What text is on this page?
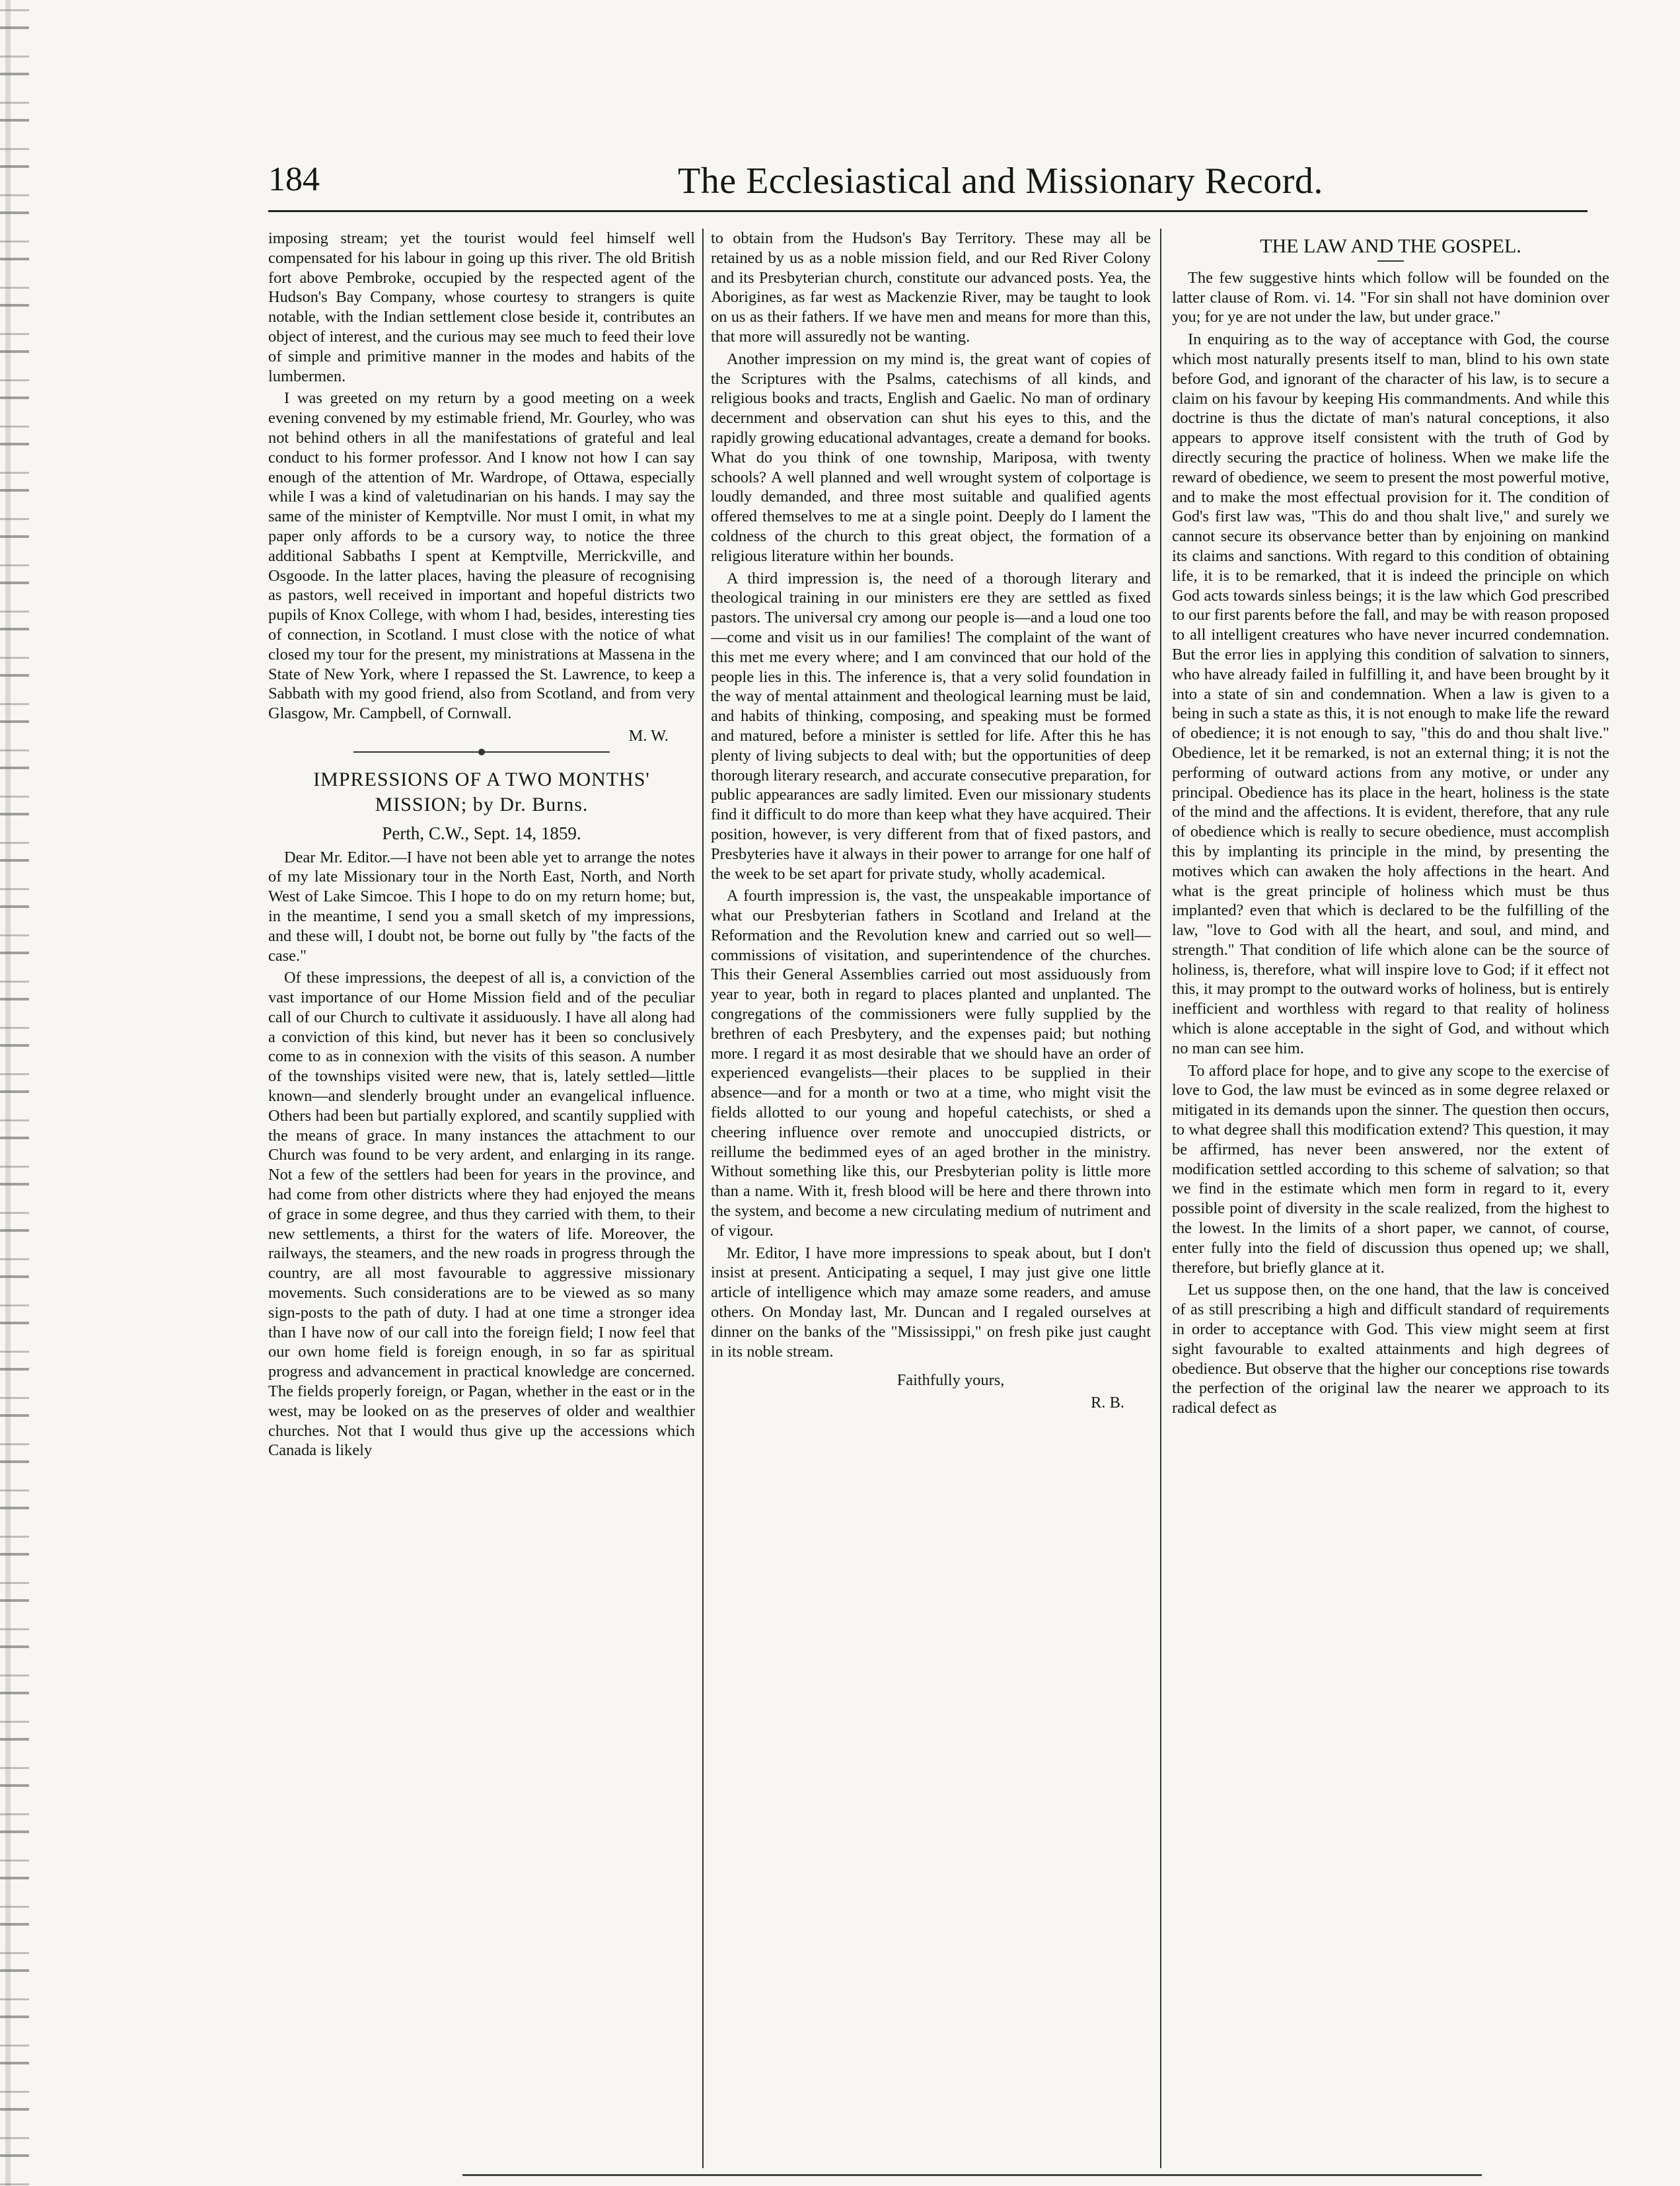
184	The Ecclesiastical and Missionary Record.

imposing stream; yet the tourist would feel himself well compensated for his labour in going up this river. The old British fort above Pembroke, occupied by the respected agent of the Hudson's Bay Company, whose courtesy to strangers is quite notable, with the Indian settlement close beside it, contributes an object of interest, and the curious may see much to feed their love of simple and primitive manner in the modes and habits of the lumbermen.

I was greeted on my return by a good meeting on a week evening convened by my estimable friend, Mr. Gourley, who was not behind others in all the manifestations of grateful and leal conduct to his former professor. And I know not how I can say enough of the attention of Mr. Wardrope, of Ottawa, especially while I was a kind of valetudinarian on his hands. I may say the same of the minister of Kemptville. Nor must I omit, in what my paper only affords to be a cursory way, to notice the three additional Sabbaths I spent at Kemptville, Merrickville, and Osgoode. In the latter places, having the pleasure of recognising as pastors, well received in important and hopeful districts two pupils of Knox College, with whom I had, besides, interesting ties of connection, in Scotland. I must close with the notice of what closed my tour for the present, my ministrations at Massena in the State of New York, where I repassed the St. Lawrence, to keep a Sabbath with my good friend, also from Scotland, and from very Glasgow, Mr. Campbell, of Cornwall.

M. W.
IMPRESSIONS OF A TWO MONTHS' MISSION; by Dr. Burns.
Perth, C.W., Sept. 14, 1859.

Dear Mr. Editor.—I have not been able yet to arrange the notes of my late Missionary tour in the North East, North, and North West of Lake Simcoe. This I hope to do on my return home; but, in the meantime, I send you a small sketch of my impressions, and these will, I doubt not, be borne out fully by "the facts of the case."

Of these impressions, the deepest of all is, a conviction of the vast importance of our Home Mission field and of the peculiar call of our Church to cultivate it assiduously. I have all along had a conviction of this kind, but never has it been so conclusively come to as in connexion with the visits of this season. A number of the townships visited were new, that is, lately settled—little known—and slenderly brought under an evangelical influence. Others had been but partially explored, and scantily supplied with the means of grace. In many instances the attachment to our Church was found to be very ardent, and enlarging in its range. Not a few of the settlers had been for years in the province, and had come from other districts where they had enjoyed the means of grace in some degree, and thus they carried with them, to their new settlements, a thirst for the waters of life. Moreover, the railways, the steamers, and the new roads in progress through the country, are all most favourable to aggressive missionary movements. Such considerations are to be viewed as so many sign-posts to the path of duty. I had at one time a stronger idea than I have now of our call into the foreign field; I now feel that our own home field is foreign enough, in so far as spiritual progress and advancement in practical knowledge are concerned. The fields properly foreign, or Pagan, whether in the east or in the west, may be looked on as the preserves of older and wealthier churches. Not that I would thus give up the accessions which Canada is likely

to obtain from the Hudson's Bay Territory. These may all be retained by us as a noble mission field, and our Red River Colony and its Presbyterian church, constitute our advanced posts. Yea, the Aborigines, as far west as Mackenzie River, may be taught to look on us as their fathers. If we have men and means for more than this, that more will assuredly not be wanting.

Another impression on my mind is, the great want of copies of the Scriptures with the Psalms, catechisms of all kinds, and religious books and tracts, English and Gaelic. No man of ordinary decernment and observation can shut his eyes to this, and the rapidly growing educational advantages, create a demand for books. What do you think of one township, Mariposa, with twenty schools? A well planned and well wrought system of colportage is loudly demanded, and three most suitable and qualified agents offered themselves to me at a single point. Deeply do I lament the coldness of the church to this great object, the formation of a religious literature within her bounds.

A third impression is, the need of a thorough literary and theological training in our ministers ere they are settled as fixed pastors. The universal cry among our people is—and a loud one too—come and visit us in our families! The complaint of the want of this met me every where; and I am convinced that our hold of the people lies in this. The inference is, that a very solid foundation in the way of mental attainment and theological learning must be laid, and habits of thinking, composing, and speaking must be formed and matured, before a minister is settled for life. After this he has plenty of living subjects to deal with; but the opportunities of deep thorough literary research, and accurate consecutive preparation, for public appearances are sadly limited. Even our missionary students find it difficult to do more than keep what they have acquired. Their position, however, is very different from that of fixed pastors, and Presbyteries have it always in their power to arrange for one half of the week to be set apart for private study, wholly academical.

A fourth impression is, the vast, the unspeakable importance of what our Presbyterian fathers in Scotland and Ireland at the Reformation and the Revolution knew and carried out so well—commissions of visitation, and superintendence of the churches. This their General Assemblies carried out most assiduously from year to year, both in regard to places planted and unplanted. The congregations of the commissioners were fully supplied by the brethren of each Presbytery, and the expenses paid; but nothing more. I regard it as most desirable that we should have an order of experienced evangelists—their places to be supplied in their absence—and for a month or two at a time, who might visit the fields allotted to our young and hopeful catechists, or shed a cheering influence over remote and unoccupied districts, or reillume the bedimmed eyes of an aged brother in the ministry. Without something like this, our Presbyterian polity is little more than a name. With it, fresh blood will be here and there thrown into the system, and become a new circulating medium of nutriment and of vigour.

Mr. Editor, I have more impressions to speak about, but I don't insist at present. Anticipating a sequel, I may just give one little article of intelligence which may amaze some readers, and amuse others. On Monday last, Mr. Duncan and I regaled ourselves at dinner on the banks of the "Mississippi," on fresh pike just caught in its noble stream.

Faithfully yours,
R. B.
THE LAW AND THE GOSPEL.

The few suggestive hints which follow will be founded on the latter clause of Rom. vi. 14. "For sin shall not have dominion over you; for ye are not under the law, but under grace."

In enquiring as to the way of acceptance with God, the course which most naturally presents itself to man, blind to his own state before God, and ignorant of the character of his law, is to secure a claim on his favour by keeping His commandments. And while this doctrine is thus the dictate of man's natural conceptions, it also appears to approve itself consistent with the truth of God by directly securing the practice of holiness. When we make life the reward of obedience, we seem to present the most powerful motive, and to make the most effectual provision for it. The condition of God's first law was, "This do and thou shalt live," and surely we cannot secure its observance better than by enjoining on mankind its claims and sanctions. With regard to this condition of obtaining life, it is to be remarked, that it is indeed the principle on which God acts towards sinless beings; it is the law which God prescribed to our first parents before the fall, and may be with reason proposed to all intelligent creatures who have never incurred condemnation. But the error lies in applying this condition of salvation to sinners, who have already failed in fulfilling it, and have been brought by it into a state of sin and condemnation. When a law is given to a being in such a state as this, it is not enough to make life the reward of obedience; it is not enough to say, "this do and thou shalt live." Obedience, let it be remarked, is not an external thing; it is not the performing of outward actions from any motive, or under any principal. Obedience has its place in the heart, holiness is the state of the mind and the affections. It is evident, therefore, that any rule of obedience which is really to secure obedience, must accomplish this by implanting its principle in the mind, by presenting the motives which can awaken the holy affections in the heart. And what is the great principle of holiness which must be thus implanted? even that which is declared to be the fulfilling of the law, "love to God with all the heart, and soul, and mind, and strength." That condition of life which alone can be the source of holiness, is, therefore, what will inspire love to God; if it effect not this, it may prompt to the outward works of holiness, but is entirely inefficient and worthless with regard to that reality of holiness which is alone acceptable in the sight of God, and without which no man can see him.

To afford place for hope, and to give any scope to the exercise of love to God, the law must be evinced as in some degree relaxed or mitigated in its demands upon the sinner. The question then occurs, to what degree shall this modification extend? This question, it may be affirmed, has never been answered, nor the extent of modification settled according to this scheme of salvation; so that we find in the estimate which men form in regard to it, every possible point of diversity in the scale realized, from the highest to the lowest. In the limits of a short paper, we cannot, of course, enter fully into the field of discussion thus opened up; we shall, therefore, but briefly glance at it.

Let us suppose then, on the one hand, that the law is conceived of as still prescribing a high and difficult standard of requirements in order to acceptance with God. This view might seem at first sight favourable to exalted attainments and high degrees of obedience. But observe that the higher our conceptions rise towards the perfection of the original law the nearer we approach to its radical defect as
